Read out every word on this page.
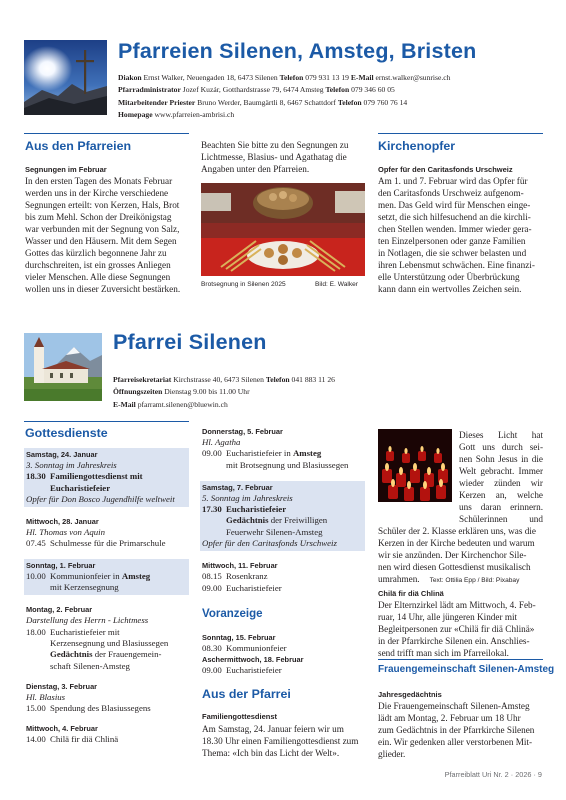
Pfarreien Silenen, Amsteg, Bristen
Diakon Ernst Walker, Neuengaden 18, 6473 Silenen Telefon 079 931 13 19 E-Mail ernst.walker@sunrise.ch
Pfarradministrator Jozef Kuzár, Gotthardstrasse 79, 6474 Amsteg Telefon 079 346 60 05
Mitarbeitender Priester Bruno Werder, Baumgärtli 8, 6467 Schattdorf Telefon 079 760 76 14
Homepage www.pfarreien-ambrisi.ch
Aus den Pfarreien
Segnungen im Februar
In den ersten Tagen des Monats Februar
werden uns in der Kirche verschiedene
Segnungen erteilt: von Kerzen, Hals, Brot
bis zum Mehl. Schon der Dreikönigstag
war verbunden mit der Segnung von Salz,
Wasser und den Häusern. Mit dem Segen
Gottes das kürzlich begonnene Jahr zu
durchschreiten, ist ein grosses Anliegen
vieler Menschen. Alle diese Segnungen
wollen uns in dieser Zuversicht bestärken.
Beachten Sie bitte zu den Segnungen zu
Lichtmesse, Blasius- und Agathatag die
Angaben unter den Pfarreien.
Brotsegnung in Silenen 2025	Bild: E. Walker
Kirchenopfer
Opfer für den Caritasfonds Urschweiz
Am 1. und 7. Februar wird das Opfer für
den Caritasfonds Urschweiz aufgenom-
men. Das Geld wird für Menschen einge-
setzt, die sich hilfesuchend an die kirchli-
chen Stellen wenden. Immer wieder gera-
ten Einzelpersonen oder ganze Familien
in Notlagen, die sie schwer belasten und
ihren Lebensmut schwächen. Eine finanzi-
elle Unterstützung oder Überbrückung
kann dann ein wertvolles Zeichen sein.
Pfarrei Silenen
Pfarreisekretariat Kirchstrasse 40, 6473 Silenen Telefon 041 883 11 26
Öffnungszeiten Dienstag 9.00 bis 11.00 Uhr
E-Mail pfarramt.silenen@bluewin.ch
Gottesdienste
Samstag, 24. Januar
3. Sonntag im Jahreskreis
18.30 Familiengottesdienst mit
Eucharistiefeier
Opfer für Don Bosco Jugendhilfe weltweit
Mittwoch, 28. Januar
Hl. Thomas von Aquin
07.45 Schulmesse für die Primarschule
Sonntag, 1. Februar
10.00 Kommunionfeier in Amsteg
mit Kerzensegnung
Montag, 2. Februar
Darstellung des Herrn - Lichtmess
18.00 Eucharistiefeier mit
Kerzensegnung und Blasiussegen
Gedächtnis der Frauengemein-
schaft Silenen-Amsteg
Dienstag, 3. Februar
Hl. Blasius
15.00 Spendung des Blasiussegens
Mittwoch, 4. Februar
14.00 Chilä fir diä Chlinä
Donnerstag, 5. Februar
Hl. Agatha
09.00 Eucharistiefeier in Amsteg
mit Brotsegnung und Blasiussegen
Samstag, 7. Februar
5. Sonntag im Jahreskreis
17.30 Eucharistiefeier
Gedächtnis der Freiwilligen
Feuerwehr Silenen-Amsteg
Opfer für den Caritasfonds Urschweiz
Mittwoch, 11. Februar
08.15 Rosenkranz
09.00 Eucharistiefeier
Voranzeige
Sonntag, 15. Februar
08.30 Kommunionfeier
Aschermittwoch, 18. Februar
09.00 Eucharistiefeier
Aus der Pfarrei
Familiengottesdienst
Am Samstag, 24. Januar feiern wir um
18.30 Uhr einen Familiengottesdienst zum
Thema: «Ich bin das Licht der Welt».
Dieses Licht hat
Gott uns durch sei-
nen Sohn Jesus in die
Welt gebracht. Immer
wieder zünden wir
Kerzen an, welche
uns daran erinnern.
Schülerinnen und
Schüler der 2. Klasse erklären uns, was die
Kerzen in der Kirche bedeuten und warum
wir sie anzünden. Der Kirchenchor Sile-
nen wird diesen Gottesdienst musikalisch
umrahmen. Text: Ottilia Epp / Bild: Pixabay
Chilä fir diä Chlinä
Der Elternzirkel lädt am Mittwoch, 4. Feb-
ruar, 14 Uhr, alle jüngeren Kinder mit
Begleitpersonen zur «Chilä fir diä Chlinä»
in der Pfarrkirche Silenen ein. Anschlies-
send trifft man sich im Pfarreilokal.
Frauengemeinschaft Silenen-Amsteg
Jahresgedächtnis
Die Frauengemeinschaft Silenen-Amsteg
lädt am Montag, 2. Februar um 18 Uhr
zum Gedächtnis in der Pfarrkirche Silenen
ein. Wir gedenken aller verstorbenen Mit-
glieder.
Pfarreiblatt Uri Nr. 2 · 2026 · 9
